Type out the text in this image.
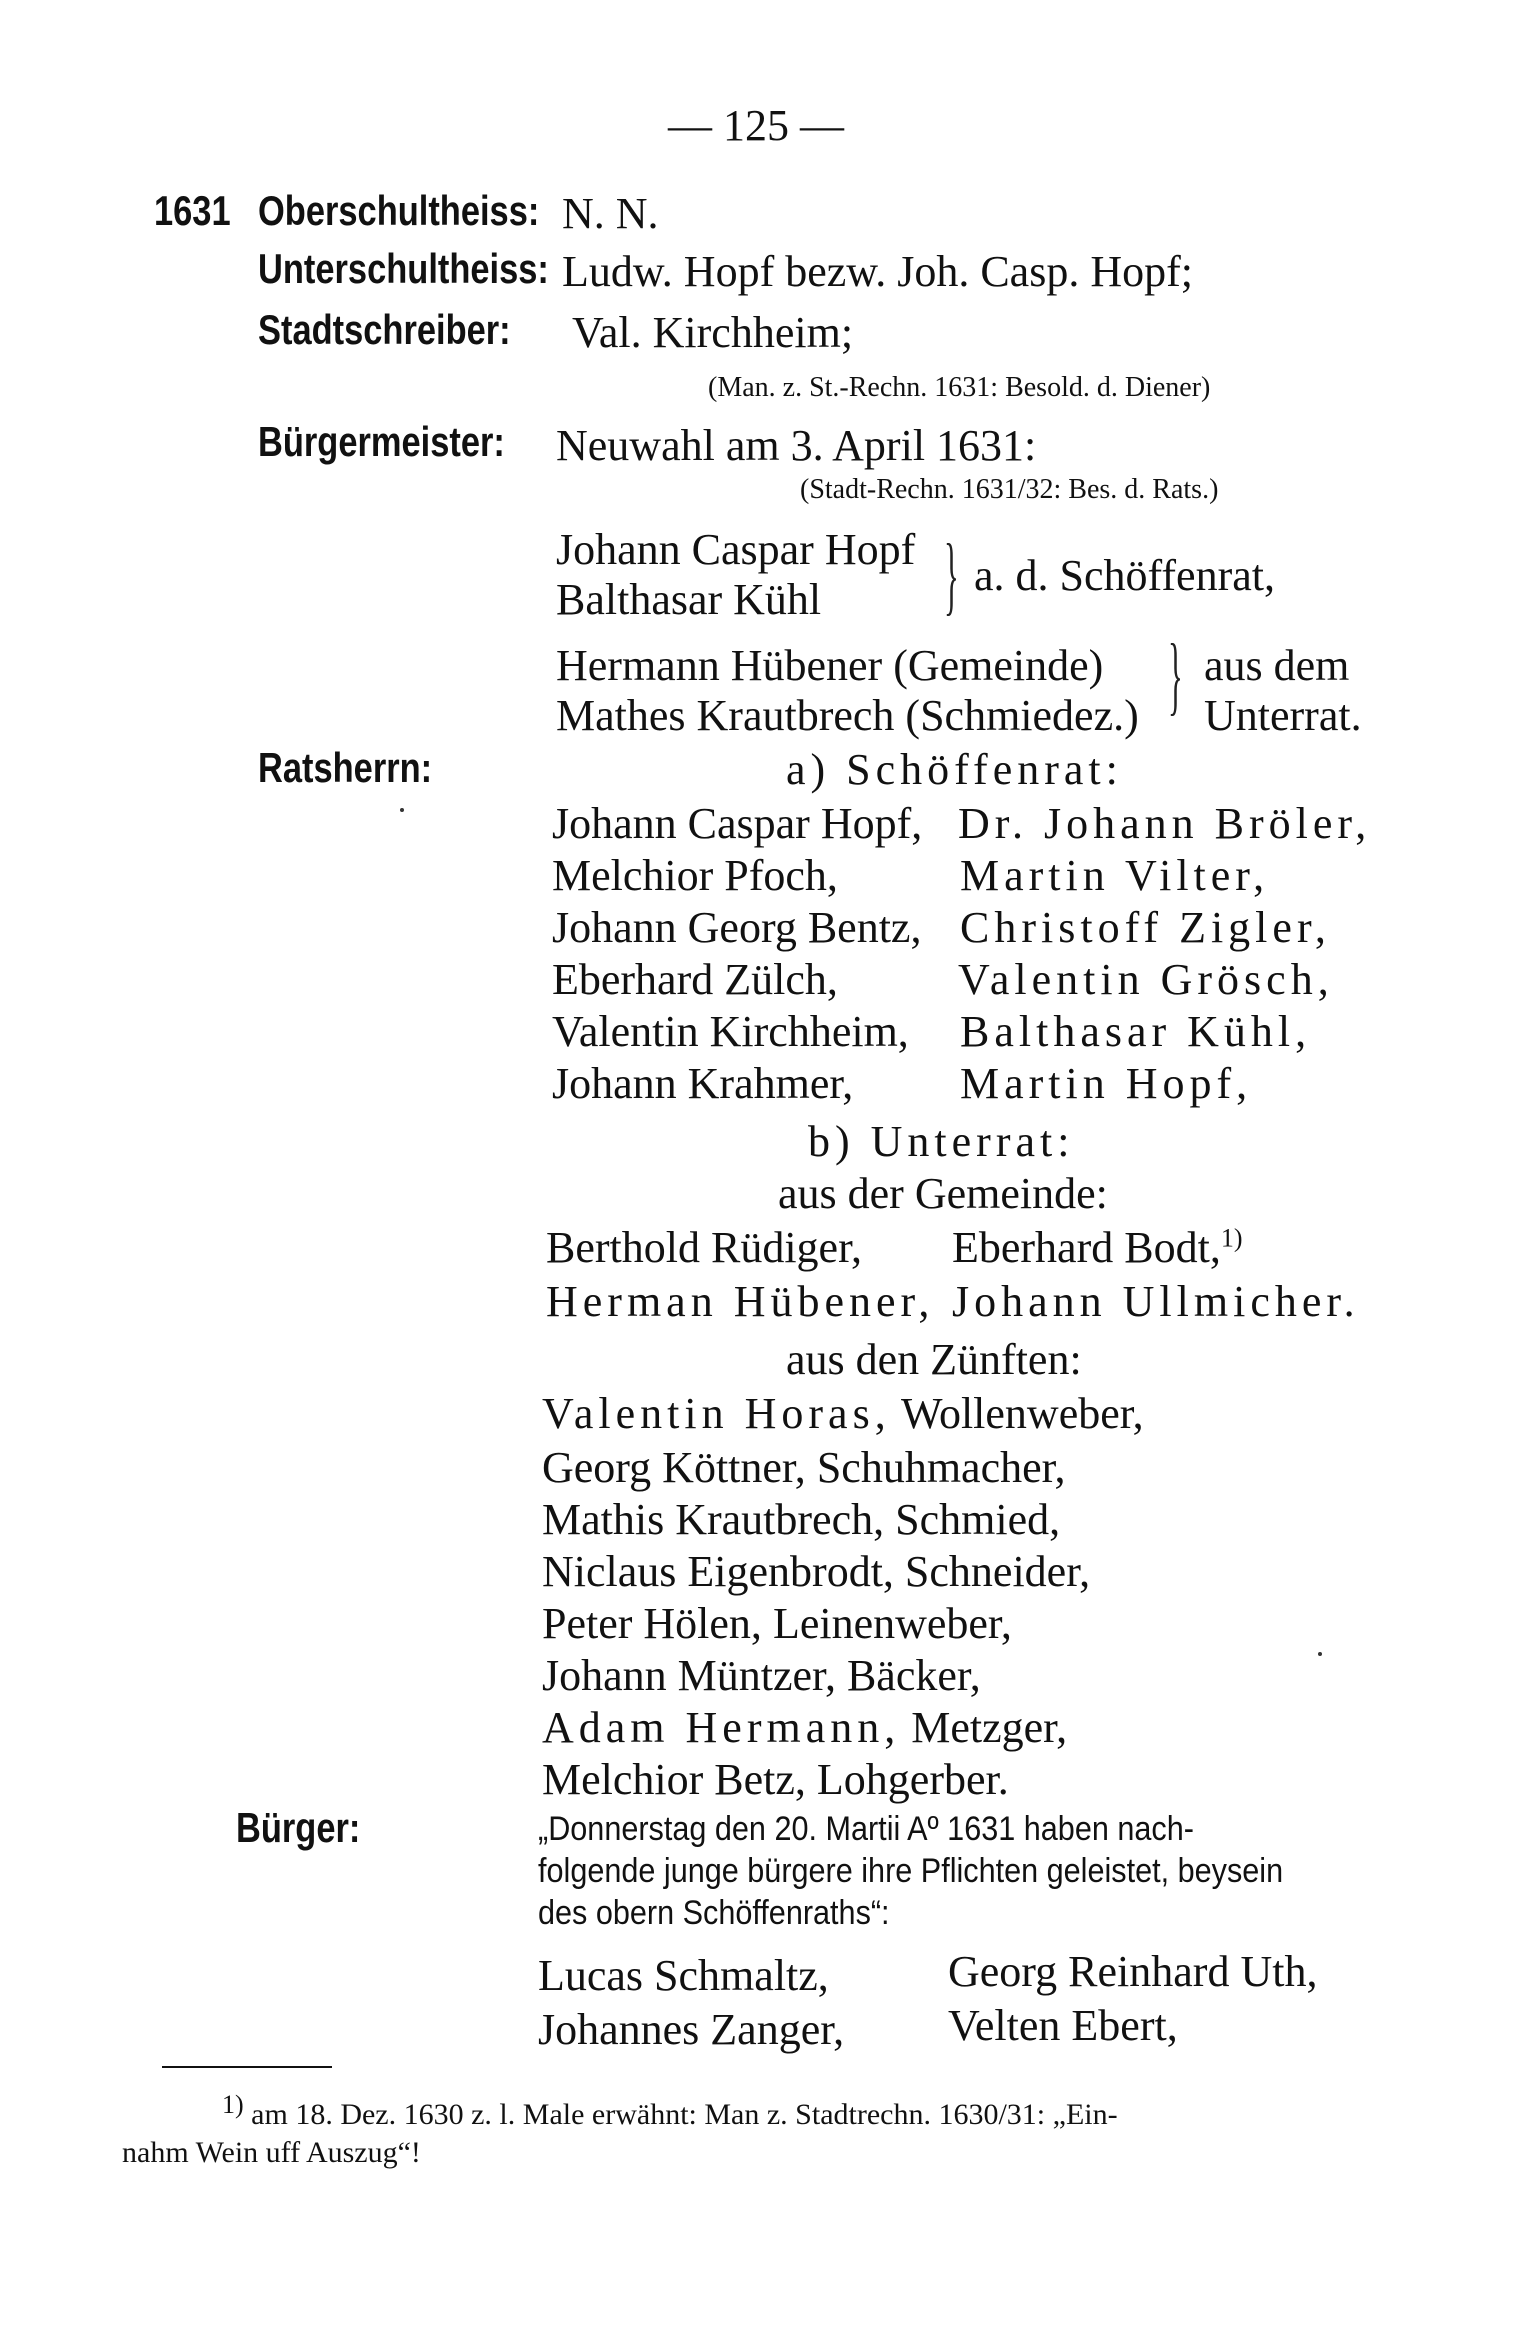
— 125 —
1631 Oberschultheiss: N. N.
Unterschultheiss: Ludw. Hopf bezw. Joh. Casp. Hopf;
Stadtschreiber: Val. Kirchheim;
(Man. z. St.-Rechn. 1631: Besold. d. Diener)
Bürgermeister: Neuwahl am 3. April 1631:
(Stadt-Rechn. 1631/32: Bes. d. Rats.)
Johann Caspar Hopf
Balthasar Kühl } a. d. Schöffenrat,
Hermann Hübener (Gemeinde)
Mathes Krautbrech (Schmiedez.) } aus dem
Unterrat.
Ratsherrn:	a) Schöffenrat:
Johann Caspar Hopf, Dr. Johann Bröler,
Melchior Pfoch,	Martin Vilter,
Johann Georg Bentz, Christoff Zigler,
Eberhard Zülch,	Valentin Grösch,
Valentin Kirchheim, Balthasar Kühl,
Johann Krahmer, Martin Hopf,
b) Unterrat:
aus der Gemeinde:
Berthold Rüdiger, Eberhard Bodt,$^{1)}$
Herman Hübener, Johann Ullmicher.
aus den Zünften:
Valentin Horas, Wollenweber,
Georg Köttner, Schuhmacher,
Mathis Krautbrech, Schmied,
Niclaus Eigenbrodt, Schneider,
Peter Hölen, Leinenweber,
Johann Müntzer, Bäcker,
Adam Hermann, Metzger,
Melchior Betz, Lohgerber.
Bürger:	„Donnerstag den 20. Martii Aº 1631 haben nach-
folgende junge bürgere ihre Pflichten geleistet, beysein
des obern Schöffenraths“:
Lucas Schmaltz,	Georg Reinhard Uth,
Johannes Zanger, Velten Ebert,
$^{1)}$ am 18. Dez. 1630 z. l. Male erwähnt: Man z. Stadtrechn. 1630/31: „Ein-
nahm Wein uff Auszug“!
